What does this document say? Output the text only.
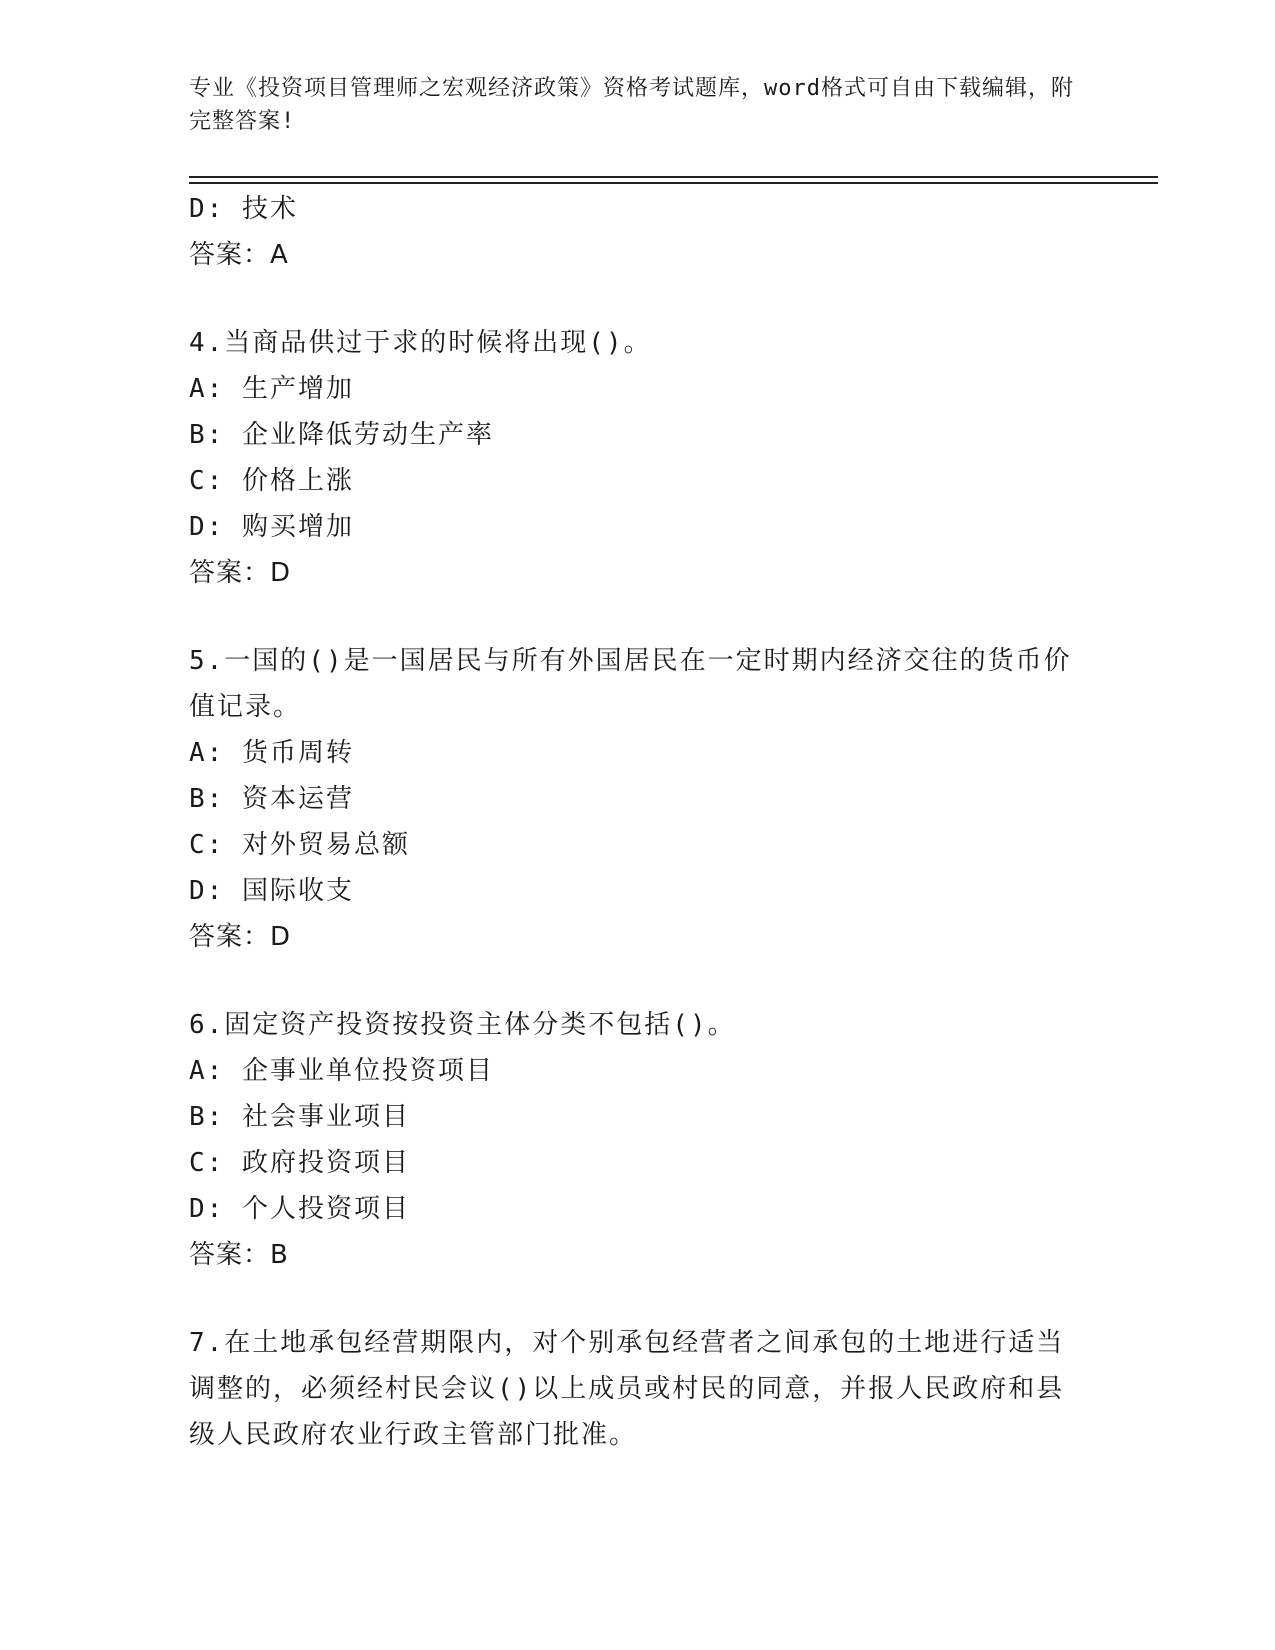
专业《投资项目管理师之宏观经济政策》资格考试题库，word格式可自由下载编辑，附完整答案!
D: 技术
答案：A
4.当商品供过于求的时候将出现()。
A: 生产增加
B: 企业降低劳动生产率
C: 价格上涨
D: 购买增加
答案：D
5.一国的()是一国居民与所有外国居民在一定时期内经济交往的货币价值记录。
A: 货币周转
B: 资本运营
C: 对外贸易总额
D: 国际收支
答案：D
6.固定资产投资按投资主体分类不包括()。
A: 企事业单位投资项目
B: 社会事业项目
C: 政府投资项目
D: 个人投资项目
答案：B
7.在土地承包经营期限内，对个别承包经营者之间承包的土地进行适当调整的，必须经村民会议()以上成员或村民的同意，并报人民政府和县级人民政府农业行政主管部门批准。
